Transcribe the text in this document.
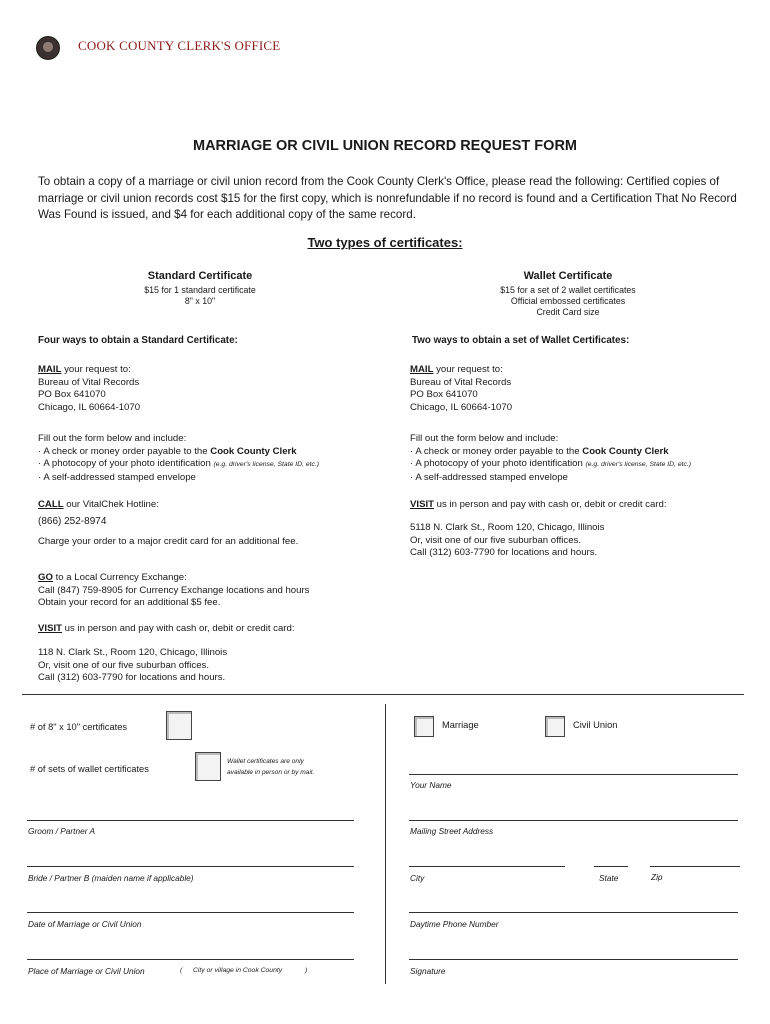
COOK COUNTY CLERK'S OFFICE
MARRIAGE OR CIVIL UNION RECORD REQUEST FORM
To obtain a copy of a marriage or civil union record from the Cook County Clerk's Office, please read the following: Certified copies of marriage or civil union records cost $15 for the first copy, which is nonrefundable if no record is found and a Certification That No Record Was Found is issued, and $4 for each additional copy of the same record.
Two types of certificates:
Standard Certificate
$15 for 1 standard certificate
8" x 10"
Wallet Certificate
$15 for a set of 2 wallet certificates
Official embossed certificates
Credit Card size
Four ways to obtain a Standard Certificate:	Two ways to obtain a set of Wallet Certificates:
MAIL your request to:
Bureau of Vital Records
PO Box 641070
Chicago, IL 60664-1070
Fill out the form below and include:
· A check or money order payable to the Cook County Clerk
· A photocopy of your photo identification (e.g. driver's license, State ID, etc.)
· A self-addressed stamped envelope
CALL our VitalChek Hotline:
(866) 252-8974
Charge your order to a major credit card for an additional fee.
GO to a Local Currency Exchange:
Call (847) 759-8905 for Currency Exchange locations and hours
Obtain your record for an additional $5 fee.
VISIT us in person and pay with cash or, debit or credit card:
118 N. Clark St., Room 120, Chicago, Illinois
Or, visit one of our five suburban offices.
Call (312) 603-7790 for locations and hours.
MAIL your request to:
Bureau of Vital Records
PO Box 641070
Chicago, IL 60664-1070
Fill out the form below and include:
· A check or money order payable to the Cook County Clerk
· A photocopy of your photo identification (e.g. driver's license, State ID, etc.)
· A self-addressed stamped envelope
VISIT us in person and pay with cash or, debit or credit card:
5118 N. Clark St., Room 120, Chicago, Illinois
Or, visit one of our five suburban offices.
Call (312) 603-7790 for locations and hours.
# of 8" x 10" certificates
# of sets of wallet certificates
Wallet certificates are only
available in person or by mail.
Groom / Partner A
Bride / Partner B (maiden name if applicable)
Date of Marriage or Civil Union
Place of Marriage or Civil Union	( City or village in Cook County	)
Marriage	Civil Union
Your Name
Mailing Street Address
City	State	Zip
Daytime Phone Number
Signature
